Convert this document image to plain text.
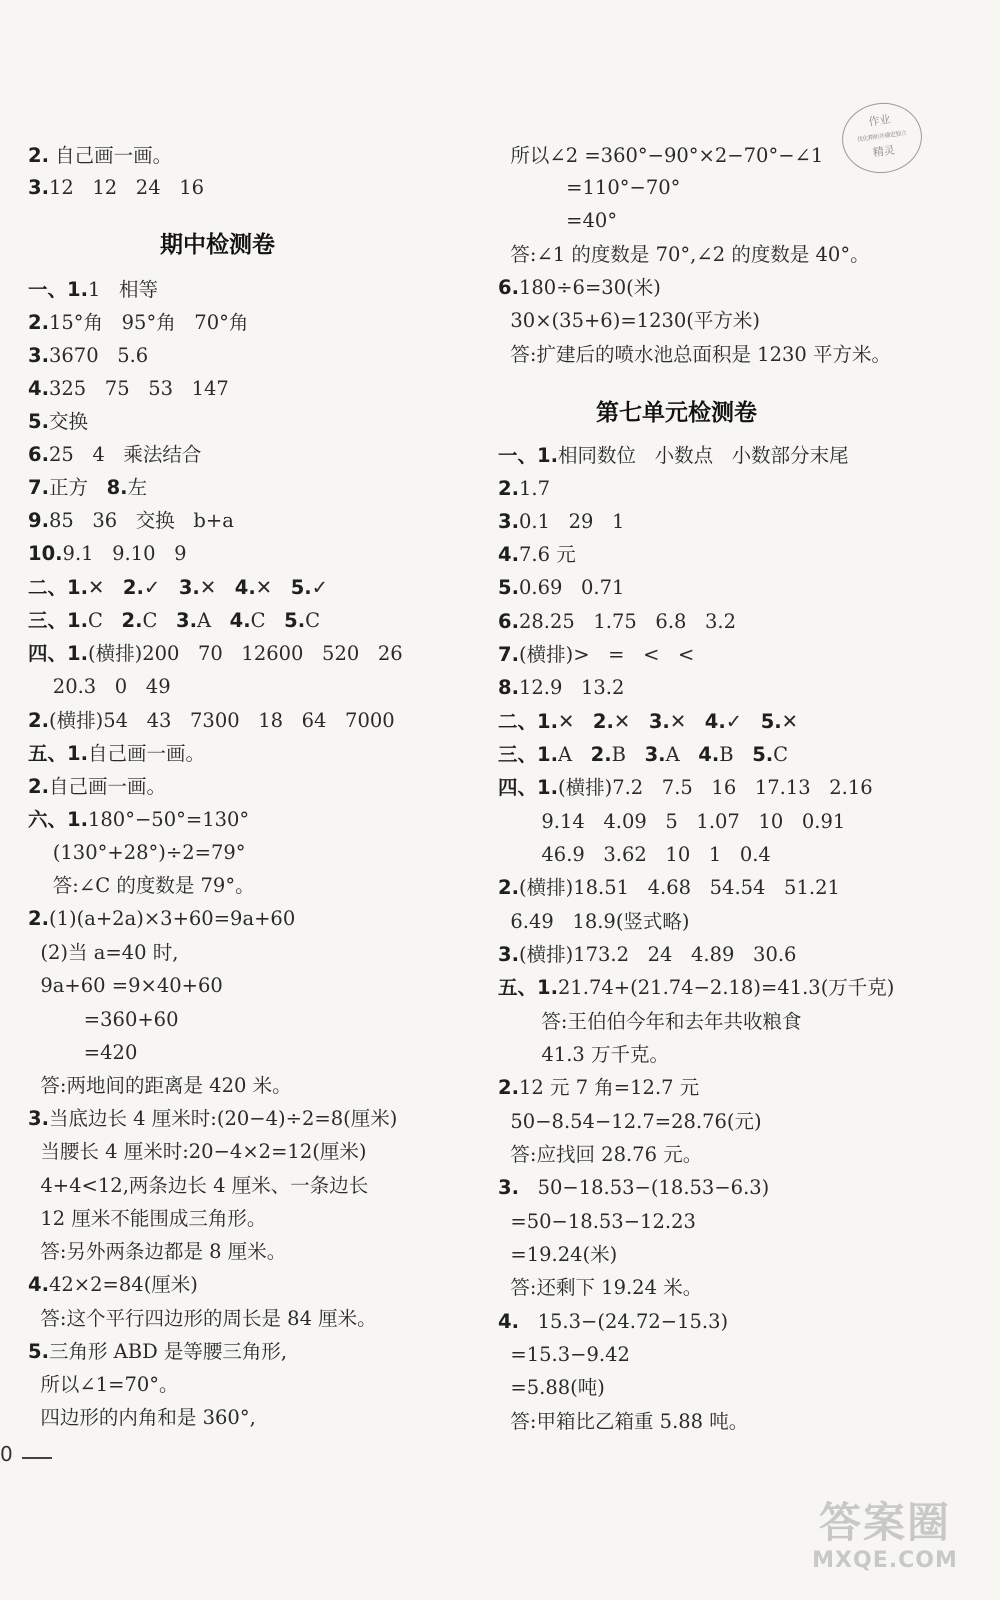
2. 自己画一画。
3.12   12   24   16
期中检测卷
一、1.1   相等
2.15°角   95°角   70°角
3.3670   5.6
4.325   75   53   147
5.交换
6.25   4   乘法结合
7.正方   8.左
9.85   36   交换   b+a
10.9.1   9.10   9
二、1.✕   2.✓   3.✕   4.✕   5.✓
三、1.C   2.C   3.A   4.C   5.C
四、1.(横排)200   70   12600   520   26
20.3   0   49
2.(横排)54   43   7300   18   64   7000
五、1.自己画一画。
2.自己画一画。
六、1.180°−50°=130°
(130°+28°)÷2=79°
答:∠C 的度数是 79°。
2.(1)(a+2a)×3+60=9a+60
(2)当 a=40 时,
9a+60 =9×40+60
=360+60
=420
答:两地间的距离是 420 米。
3.当底边长 4 厘米时:(20−4)÷2=8(厘米)
当腰长 4 厘米时:20−4×2=12(厘米)
4+4<12,两条边长 4 厘米、一条边长
12 厘米不能围成三角形。
答:另外两条边都是 8 厘米。
4.42×2=84(厘米)
答:这个平行四边形的周长是 84 厘米。
5.三角形 ABD 是等腰三角形,
所以∠1=70°。
四边形的内角和是 360°,
所以∠2 =360°−90°×2−70°−∠1
=110°−70°
=40°
答:∠1 的度数是 70°,∠2 的度数是 40°。
6.180÷6=30(米)
30×(35+6)=1230(平方米)
答:扩建后的喷水池总面积是 1230 平方米。
第七单元检测卷
一、1.相同数位   小数点   小数部分末尾
2.1.7
3.0.1   29   1
4.7.6 元
5.0.69   0.71
6.28.25   1.75   6.8   3.2
7.(横排)>   =   <   <
8.12.9   13.2
二、1.✕   2.✕   3.✕   4.✓   5.✕
三、1.A   2.B   3.A   4.B   5.C
四、1.(横排)7.2   7.5   16   17.13   2.16
9.14   4.09   5   1.07   10   0.91
46.9   3.62   10   1   0.4
2.(横排)18.51   4.68   54.54   51.21
6.49   18.9(竖式略)
3.(横排)173.2   24   4.89   30.6
五、1.21.74+(21.74−2.18)=41.3(万千克)
答:王伯伯今年和去年共收粮食
41.3 万千克。
2.12 元 7 角=12.7 元
50−8.54−12.7=28.76(元)
答:应找回 28.76 元。
3.   50−18.53−(18.53−6.3)
=50−18.53−12.23
=19.24(米)
答:还剩下 19.24 米。
4.   15.3−(24.72−15.3)
=15.3−9.42
=5.88(吨)
答:甲箱比乙箱重 5.88 吨。
作业
优化精析并确定独立
精灵
答案圈
MXQE.COM
0
